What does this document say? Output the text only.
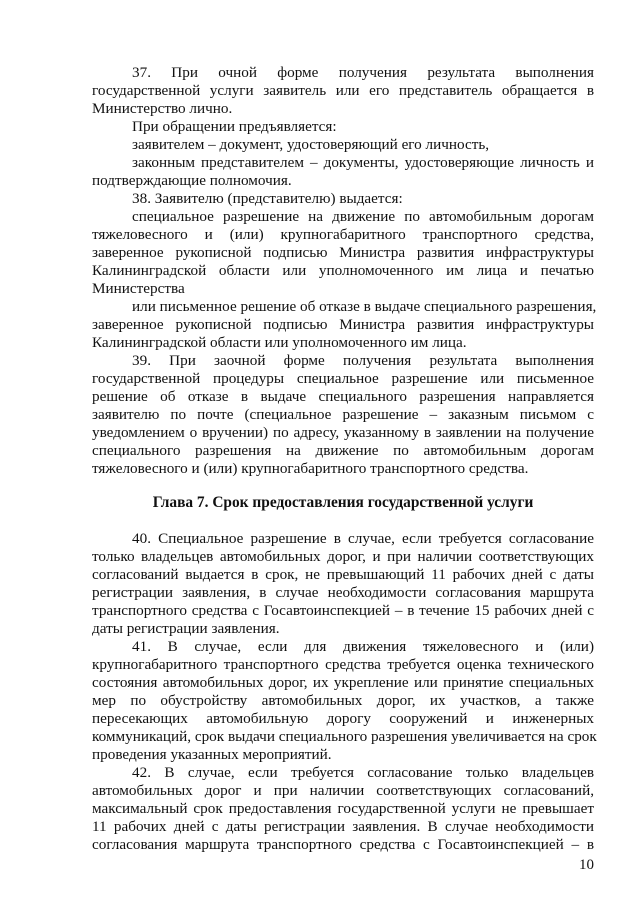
37. При очной форме получения результата выполнения
государственной услуги заявитель или его представитель обращается в
Министерство лично.
При обращении предъявляется:
заявителем – документ, удостоверяющий его личность,
законным представителем – документы, удостоверяющие личность и
подтверждающие полномочия.
38. Заявителю (представителю) выдается:
специальное разрешение на движение по автомобильным дорогам
тяжеловесного и (или) крупногабаритного транспортного средства,
заверенное рукописной подписью Министра развития инфраструктуры
Калининградской области или уполномоченного им лица и печатью
Министерства
или письменное решение об отказе в выдаче специального разрешения,
заверенное рукописной подписью Министра развития инфраструктуры
Калининградской области или уполномоченного им лица.
39. При заочной форме получения результата выполнения
государственной процедуры специальное разрешение или письменное
решение об отказе в выдаче специального разрешения направляется
заявителю по почте (специальное разрешение – заказным письмом с
уведомлением о вручении) по адресу, указанному в заявлении на получение
специального разрешения на движение по автомобильным дорогам
тяжеловесного и (или) крупногабаритного транспортного средства.
Глава 7. Срок предоставления государственной услуги
40. Специальное разрешение в случае, если требуется согласование
только владельцев автомобильных дорог, и при наличии соответствующих
согласований выдается в срок, не превышающий 11 рабочих дней с даты
регистрации заявления, в случае необходимости согласования маршрута
транспортного средства с Госавтоинспекцией – в течение 15 рабочих дней с
даты регистрации заявления.
41. В случае, если для движения тяжеловесного и (или)
крупногабаритного транспортного средства требуется оценка технического
состояния автомобильных дорог, их укрепление или принятие специальных
мер по обустройству автомобильных дорог, их участков, а также
пересекающих автомобильную дорогу сооружений и инженерных
коммуникаций, срок выдачи специального разрешения увеличивается на срок
проведения указанных мероприятий.
42. В случае, если требуется согласование только владельцев
автомобильных дорог и при наличии соответствующих согласований,
максимальный срок предоставления государственной услуги не превышает
11 рабочих дней с даты регистрации заявления. В случае необходимости
согласования маршрута транспортного средства с Госавтоинспекцией – в
10
